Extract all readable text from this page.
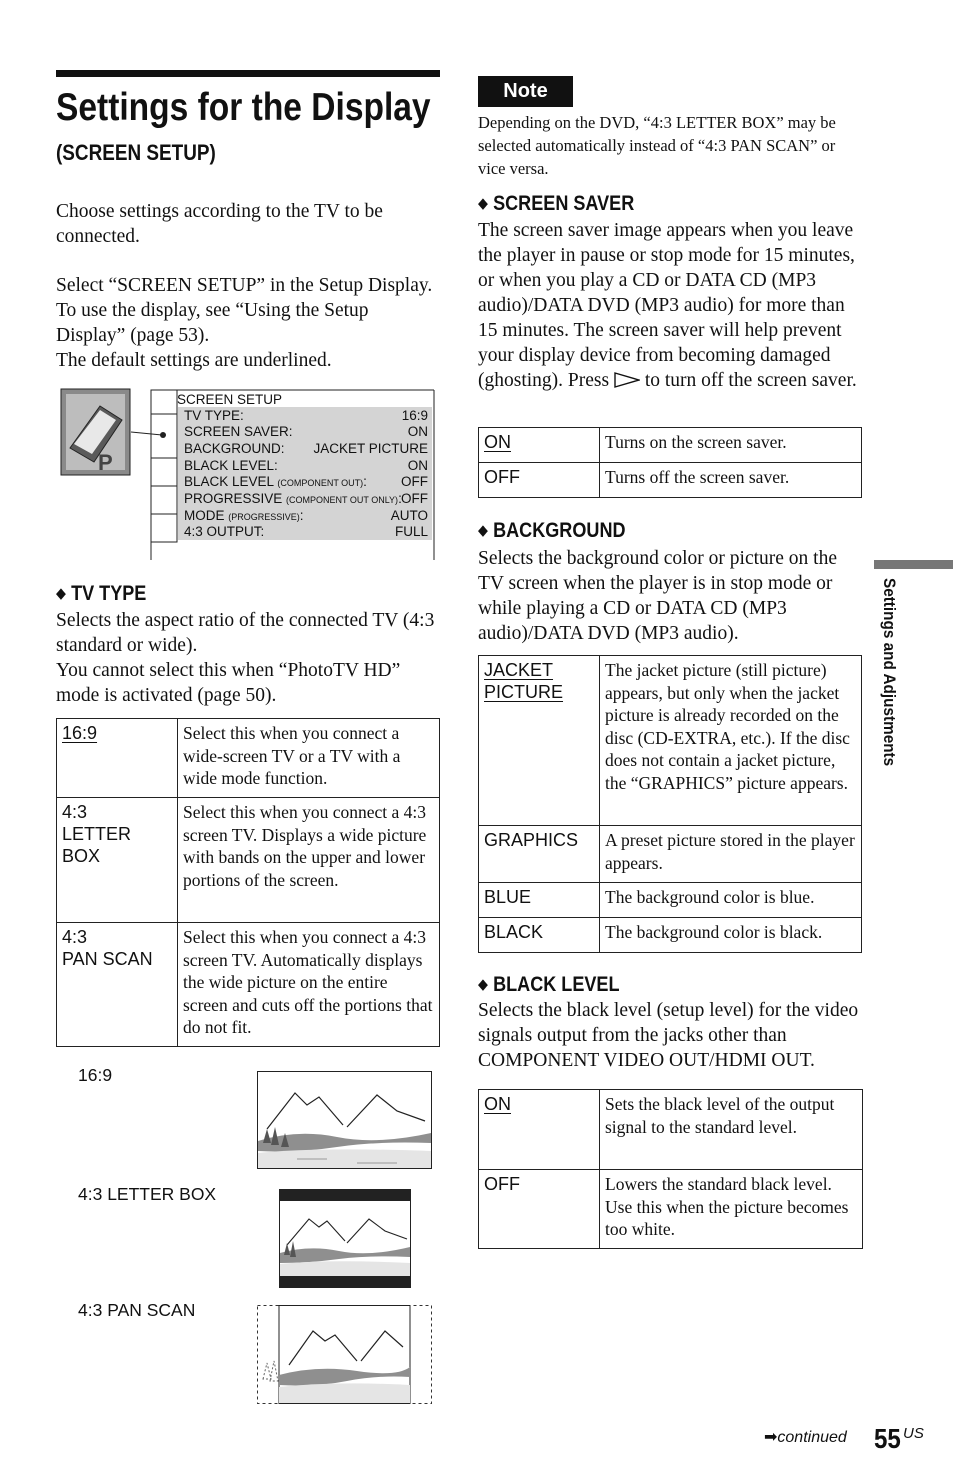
Settings for the Display
(SCREEN SETUP)
Choose settings according to the TV to be connected.
Select “SCREEN SETUP” in the Setup Display. To use the display, see “Using the Setup Display” (page 53).
The default settings are underlined.
P
SCREEN SETUP
TV TYPE:	16:9
SCREEN SAVER:	ON
BACKGROUND: JACKET PICTURE
BLACK LEVEL:	ON
BLACK LEVEL (COMPONENT OUT):	OFF
PROGRESSIVE (COMPONENT OUT ONLY): OFF
MODE (PROGRESSIVE):	AUTO
4:3 OUTPUT:	FULL
◆ TV TYPE
Selects the aspect ratio of the connected TV (4:3 standard or wide).
You cannot select this when “PhotoTV HD” mode is activated (page 50).
16:9	Select this when you connect a wide-screen TV or a TV with a wide mode function.

4:3
LETTER
BOX	Select this when you connect a 4:3 screen TV. Displays a wide picture with bands on the upper and lower portions of the screen.

4:3
PAN SCAN	Select this when you connect a 4:3 screen TV. Automatically displays the wide picture on the entire screen and cuts off the portions that do not fit.
16:9
4:3 LETTER BOX
4:3 PAN SCAN
Note
Depending on the DVD, “4:3 LETTER BOX” may be selected automatically instead of “4:3 PAN SCAN” or vice versa.
◆ SCREEN SAVER
The screen saver image appears when you leave the player in pause or stop mode for 15 minutes, or when you play a CD or DATA CD (MP3 audio)/DATA DVD (MP3 audio) for more than 15 minutes. The screen saver will help prevent your display device from becoming damaged (ghosting). Press to turn off the screen saver.
ON	Turns on the screen saver.
OFF	Turns off the screen saver.
◆ BACKGROUND
Selects the background color or picture on the TV screen when the player is in stop mode or while playing a CD or DATA CD (MP3 audio)/DATA DVD (MP3 audio).
JACKET
PICTURE	The jacket picture (still picture) appears, but only when the jacket picture is already recorded on the disc (CD-EXTRA, etc.). If the disc does not contain a jacket picture, the “GRAPHICS” picture appears.
GRAPHICS	A preset picture stored in the player appears.
BLUE	The background color is blue.
BLACK	The background color is black.
◆ BLACK LEVEL
Selects the black level (setup level) for the video signals output from the jacks other than COMPONENT VIDEO OUT/HDMI OUT.
ON	Sets the black level of the output signal to the standard level.
OFF	Lowers the standard black level. Use this when the picture becomes too white.
Settings and Adjustments
➡continued 55 US
